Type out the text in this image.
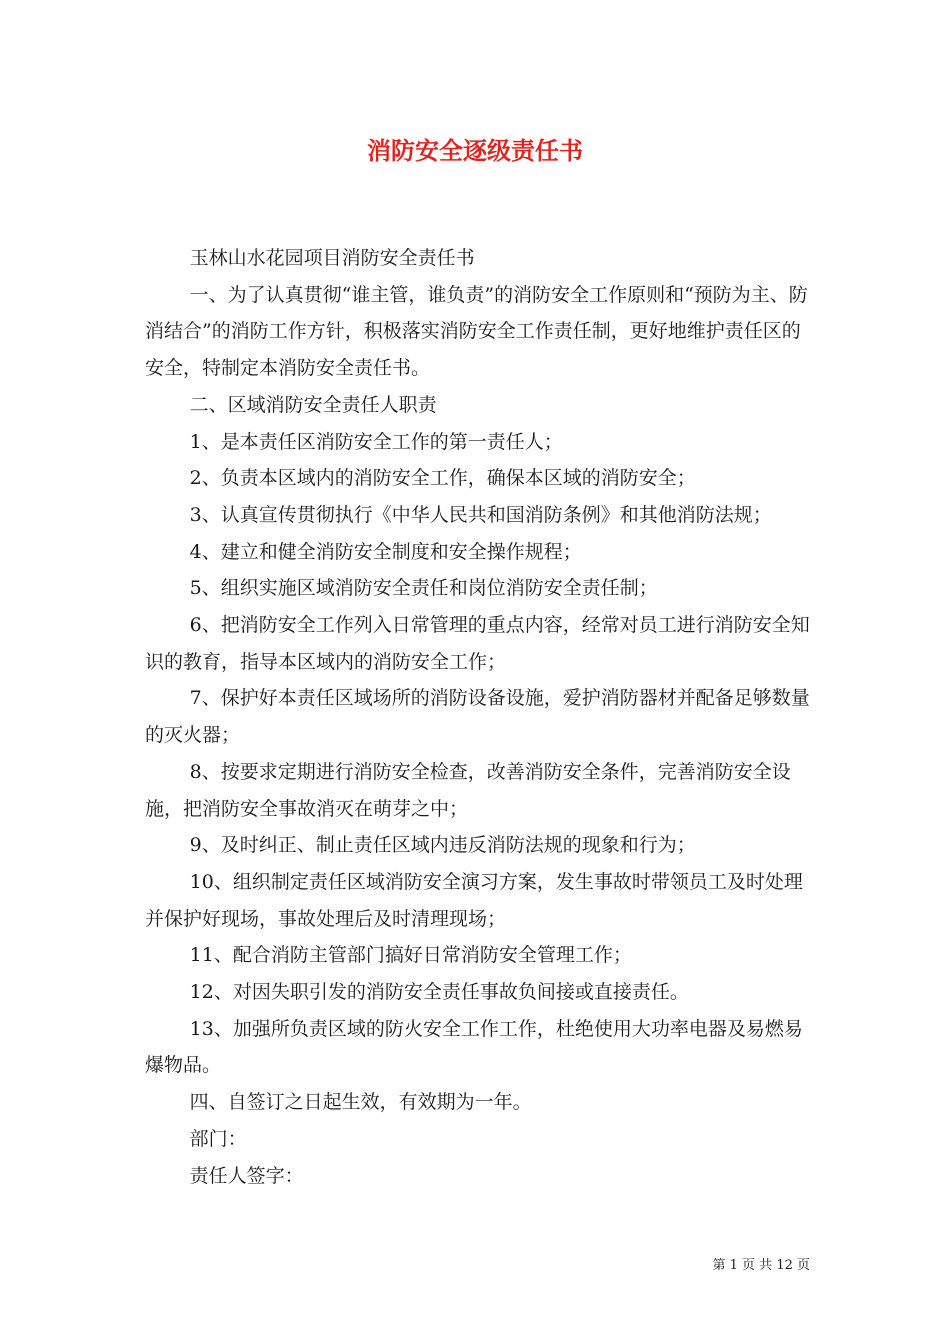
消防安全逐级责任书

玉林山水花园项目消防安全责任书

一、为了认真贯彻“谁主管，谁负责”的消防安全工作原则和“预防为主、防消结合”的消防工作方针，积极落实消防安全工作责任制，更好地维护责任区的安全，特制定本消防安全责任书。

二、区域消防安全责任人职责

1、是本责任区消防安全工作的第一责任人；

2、负责本区域内的消防安全工作，确保本区域的消防安全；

3、认真宣传贯彻执行《中华人民共和国消防条例》和其他消防法规；

4、建立和健全消防安全制度和安全操作规程；

5、组织实施区域消防安全责任和岗位消防安全责任制；

6、把消防安全工作列入日常管理的重点内容，经常对员工进行消防安全知识的教育，指导本区域内的消防安全工作；

7、保护好本责任区域场所的消防设备设施，爱护消防器材并配备足够数量的灭火器；

8、按要求定期进行消防安全检查，改善消防安全条件，完善消防安全设施，把消防安全事故消灭在萌芽之中；

9、及时纠正、制止责任区域内违反消防法规的现象和行为；

10、组织制定责任区域消防安全演习方案，发生事故时带领员工及时处理并保护好现场，事故处理后及时清理现场；

11、配合消防主管部门搞好日常消防安全管理工作；

12、对因失职引发的消防安全责任事故负间接或直接责任。

13、加强所负责区域的防火安全工作工作，杜绝使用大功率电器及易燃易爆物品。

四、自签订之日起生效，有效期为一年。

部门：

责任人签字：

第 1 页 共 12 页
